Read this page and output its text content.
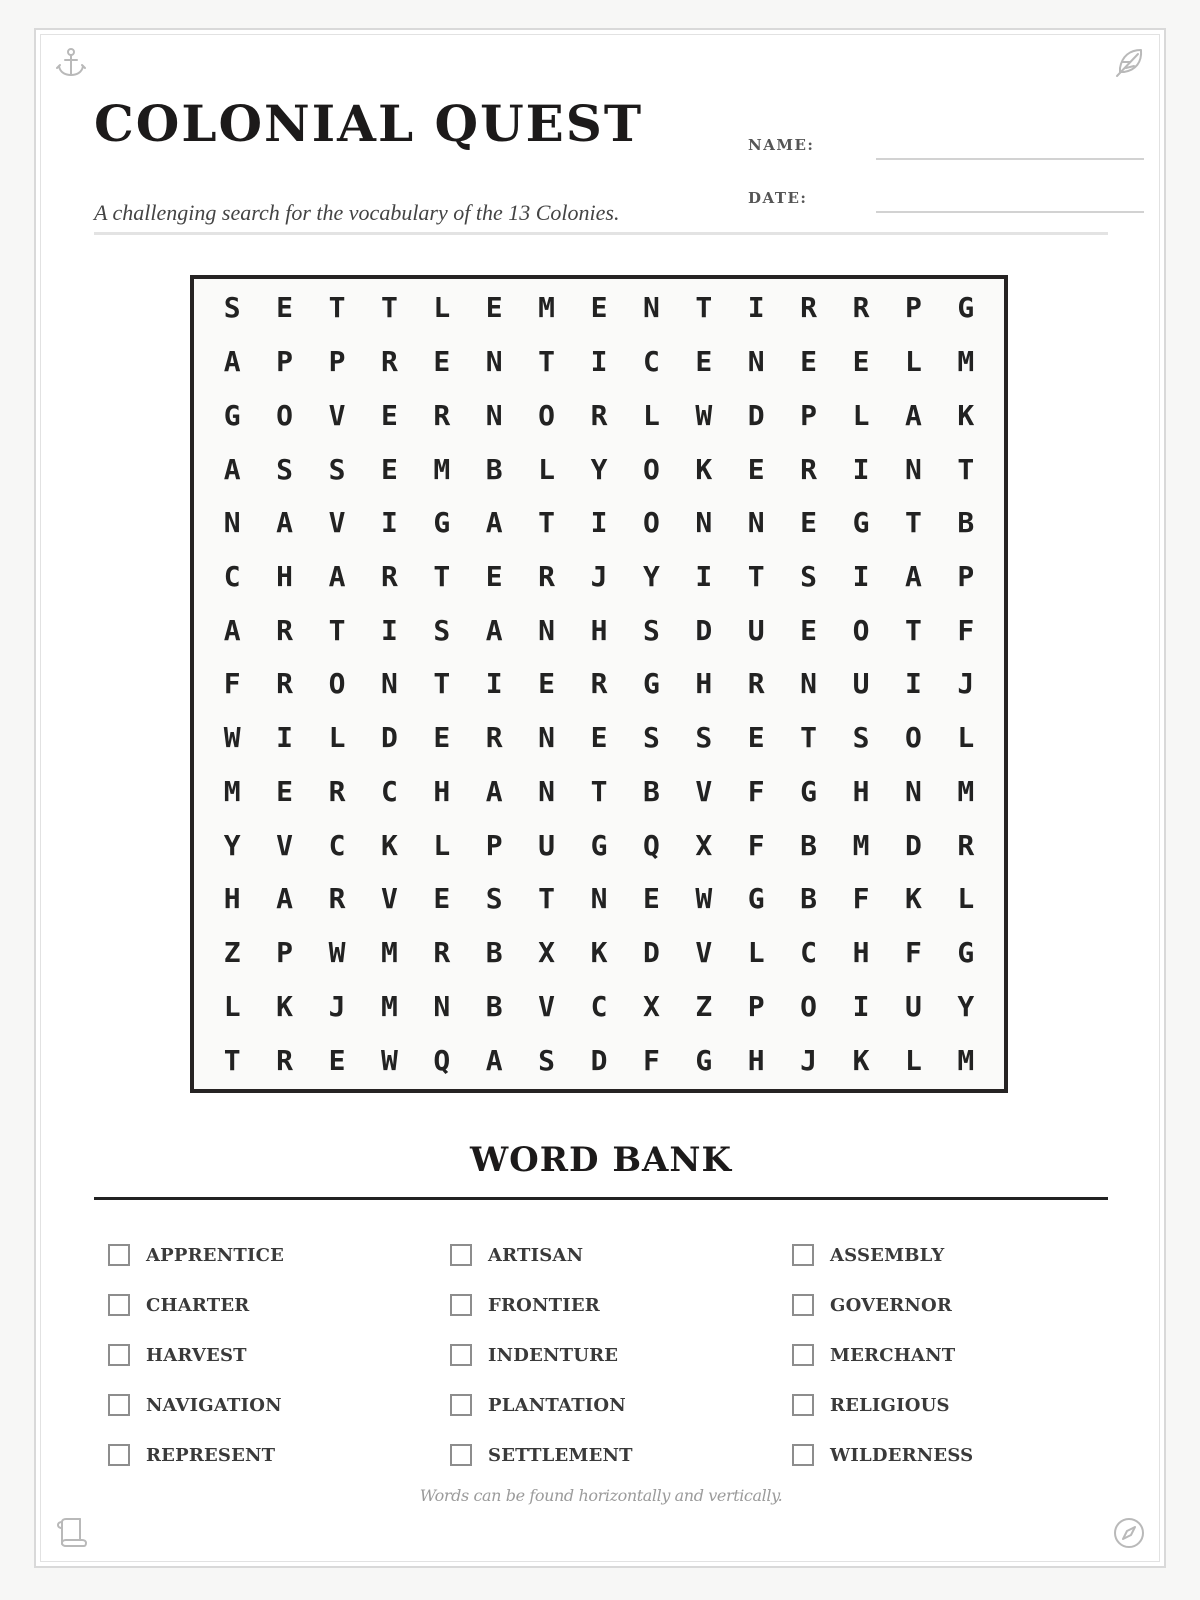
COLONIAL QUEST

A challenging search for the vocabulary of the 13 Colonies.

NAME:
DATE:
S	E	T	T	L	E	M	E	N	T	I	R	R	P	G
A	P	P	R	E	N	T	I	C	E	N	E	E	L	M
G	O	V	E	R	N	O	R	L	W	D	P	L	A	K
A	S	S	E	M	B	L	Y	O	K	E	R	I	N	T
N	A	V	I	G	A	T	I	O	N	N	E	G	T	B
C	H	A	R	T	E	R	J	Y	I	T	S	I	A	P
A	R	T	I	S	A	N	H	S	D	U	E	O	T	F
F	R	O	N	T	I	E	R	G	H	R	N	U	I	J
W	I	L	D	E	R	N	E	S	S	E	T	S	O	L
M	E	R	C	H	A	N	T	B	V	F	G	H	N	M
Y	V	C	K	L	P	U	G	Q	X	F	B	M	D	R
H	A	R	V	E	S	T	N	E	W	G	B	F	K	L
Z	P	W	M	R	B	X	K	D	V	L	C	H	F	G
L	K	J	M	N	B	V	C	X	Z	P	O	I	U	Y
T	R	E	W	Q	A	S	D	F	G	H	J	K	L	M
WORD BANK
APPRENTICE	ARTISAN	ASSEMBLY
CHARTER	FRONTIER	GOVERNOR
HARVEST	INDENTURE	MERCHANT
NAVIGATION	PLANTATION	RELIGIOUS
REPRESENT	SETTLEMENT	WILDERNESS

Words can be found horizontally and vertically.
